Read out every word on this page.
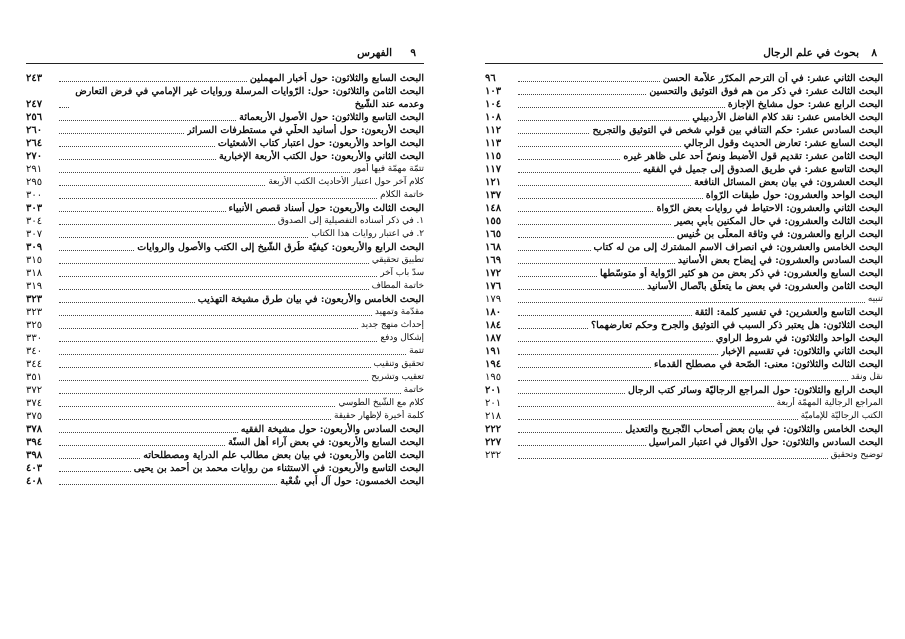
الفهرس ٩
البحث السابع والثلاثون: حول أخبار المهملين
٢٤٣
البحث الثامن والثلاثون: حول: الرّوايات المرسلة وروايات غير الإمامي في فرض التعارض وعدمه عند الشّيخ
٢٤٧
البحث التاسع والثلاثون: حول الأصول الأربعمائة
٢٥٦
البحث الأربعون: حول أسانيد الحلّي في مستطرفات السرائر
٢٦٠
البحث الواحد والأربعون: حول اعتبار كتاب الأشعثيات
٢٦٤
البحث الثاني والأربعون: حول الكتب الأربعة الإخبارية
٢٧٠
تتمّة مهمّة فيها أمور
٢٩١
كلام آخر حول اعتبار الأحاديث الكتب الأربعة
٢٩٥
خاتمة الكلام
٣٠٠
البحث الثالث والأربعون: حول أسناد قصص الأنبياء
٣٠٣
١. في ذكر أسناده التفصيلية إلى الصدوق
٣٠٤
٢. في اعتبار روايات هذا الكتاب
٣٠٧
البحث الرابع والأربعون: كيفيّة طُرق الشّيخ إلى الكتب والأصول والروايات
٣٠٩
تطبيق تحقيقي
٣١٥
سدّ باب آخر
٣١٨
خاتمة المطاف
٣١٩
البحث الخامس والأربعون: في بيان طرق مشيخة التهذيب
٣٢٣
مقدّمة وتمهيد
٣٢٣
إحداث منهج جديد
٣٢٥
إشكال ودفع
٣٣٠
تتمة
٣٤٠
تحقيق وتنقيب
٣٤٤
تعقيب وتشريح
٣٥١
خاتمة
٣٧٢
كلام مع الشّيخ الطوسي
٣٧٤
كلمة أخيرة لإظهار حقيقة
٣٧٥
البحث السادس والأربعون: حول مشيخة الفقيه
٣٧٨
البحث السابع والأربعون: في بعض آراء أهل السنّة
٣٩٤
البحث الثامن والأربعون: في بيان بعض مطالب علم الدراية ومصطلحاته
٣٩٨
البحث التاسع والأربعون: في الاستثناء من روايات محمد بن أحمد بن يحيى
٤٠٣
البحث الخمسون: حول آل أبي شُعْبة
٤٠٨
بحوث في علم الرجال ٨
البحث الثاني عشر: في أن الترحم المكرّر علاّمة الحسن
٩٦
البحث الثالث عشر: في ذكر من هم فوق التوثيق والتحسين
١٠٣
البحث الرابع عشر: حول مشايخ الإجازة
١٠٤
البحث الخامس عشر: نقد كلام الفاضل الأردبيلي
١٠٨
البحث السادس عشر: حكم التنافي بين قولي شخص في التوثيق والتجريح
١١٢
البحث السابع عشر: تعارض الحديث وقول الرجالي
١١٣
البحث الثامن عشر: تقديم قول الأضبط ونصّ أحد على ظاهر غيره
١١٥
البحث التاسع عشر: في طريق الصدوق إلى جميل في الفقيه
١١٧
البحث العشرون: في بيان بعض المسائل النافعة
١٢١
البحث الواحد والعشرون: حول طبقات الرّواة
١٣٧
البحث الثاني والعشرون: الاحتياط في روايات بعض الرّواة
١٤٨
البحث الثالث والعشرون: في حال المكنين بأبي بصير
١٥٥
البحث الرابع والعشرون: في وثاقة المعلّى بن خُنيس
١٦٥
البحث الخامس والعشرون: في انصراف الاسم المشترك إلى من له كتاب
١٦٨
البحث السادس والعشرون: في إيضاح بعض الأسانيد
١٦٩
البحث السابع والعشرون: في ذكر بعض من هو كثير الرّواية أو متوسّطها
١٧٢
البحث الثامن والعشرون: في بعض ما يتعلّق باتّصال الأسانيد
١٧٦
تنبيه
١٧٩
البحث التاسع والعشرين: في تفسير كلمة: الثقة
١٨٠
البحث الثلاثون: هل يعتبر ذكر السبب في التوثيق والجرح وحكم تعارضهما؟
١٨٤
البحث الواحد والثلاثون: في شروط الراوي
١٨٧
البحث الثاني والثلاثون: في تقسيم الإخبار
١٩١
البحث الثالث والثلاثون: معنى: الصّحة في مصطلح القدماء
١٩٤
نقل ونقد
١٩٥
البحث الرابع والثلاثون: حول المراجع الرجاليّة وسائر كتب الرجال
٢٠١
المراجع الرجالية المهمّة أربعة
٢٠١
الكتب الرجاليّة للإماميّة
٢١٨
البحث الخامس والثلاثون: في بيان بعض أصحاب التّجريح والتعديل
٢٢٢
البحث السادس والثلاثون: حول الأقوال في اعتبار المراسيل
٢٢٧
توضيح وتحقيق
٢٣٢
